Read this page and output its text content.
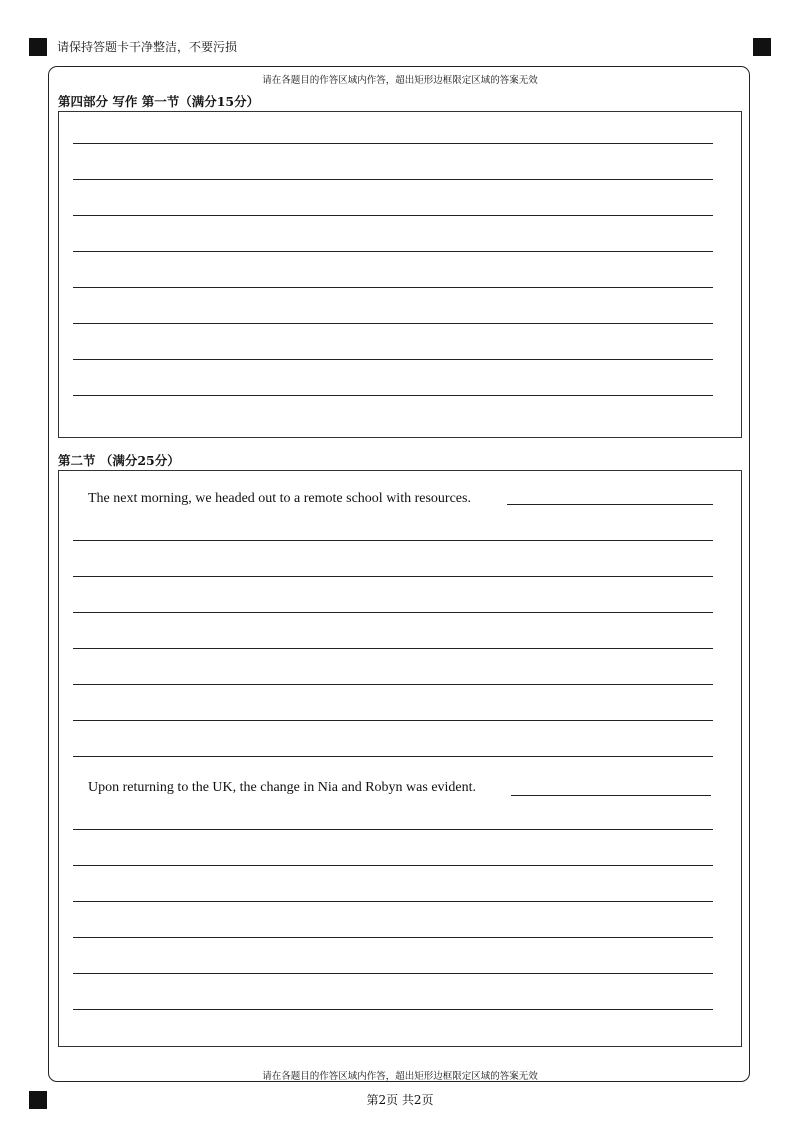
请保持答题卡干净整洁，不要污损
请在各题目的作答区域内作答，超出矩形边框限定区域的答案无效
第四部分 写作 第一节（满分15分）
第二节 （满分25分）
The next morning, we headed out to a remote school with resources.
Upon returning to the UK, the change in Nia and Robyn was evident.
请在各题目的作答区域内作答，超出矩形边框限定区域的答案无效
第2页 共2页
